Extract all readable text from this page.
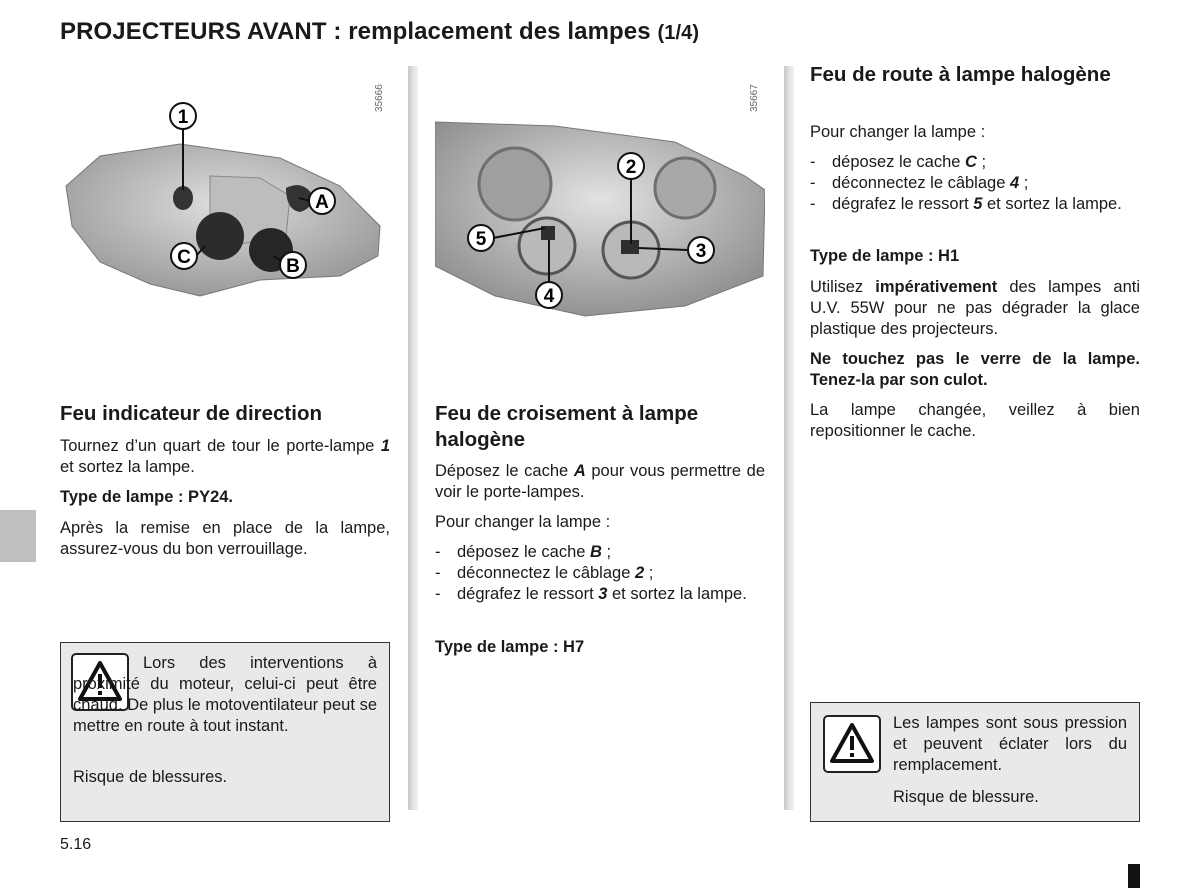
PROJECTEURS AVANT : remplacement des lampes (1/4)
1
A
C	B
35666
2
5
3
4
35667
Feu indicateur de direction

Tournez d’un quart de tour le porte-lampe 1 et sortez la lampe.

Type de lampe : PY24.

Après la remise en place de la lampe, assurez-vous du bon verrouillage.

Lors des interventions à proximité du moteur, celui-ci peut être chaud. De plus le motoventilateur peut se mettre en route à tout instant.

Risque de blessures.

Feu de croisement à lampe halogène

Déposez le cache A pour vous permettre de voir le porte-lampes.

Pour changer la lampe :

- déposez le cache B ;
- déconnectez le câblage 2 ;
- dégrafez le ressort 3 et sortez la lampe.

Type de lampe : H7

Feu de route à lampe halogène

Pour changer la lampe :

- déposez le cache C ;
- déconnectez le câblage 4 ;
- dégrafez le ressort 5 et sortez la lampe.

Type de lampe : H1

Utilisez impérativement des lampes anti U.V. 55W pour ne pas dégrader la glace plastique des projecteurs.

Ne touchez pas le verre de la lampe. Tenez-la par son culot.

La lampe changée, veillez à bien repositionner le cache.

Les lampes sont sous pression et peuvent éclater lors du remplacement.

Risque de blessure.

5.16
